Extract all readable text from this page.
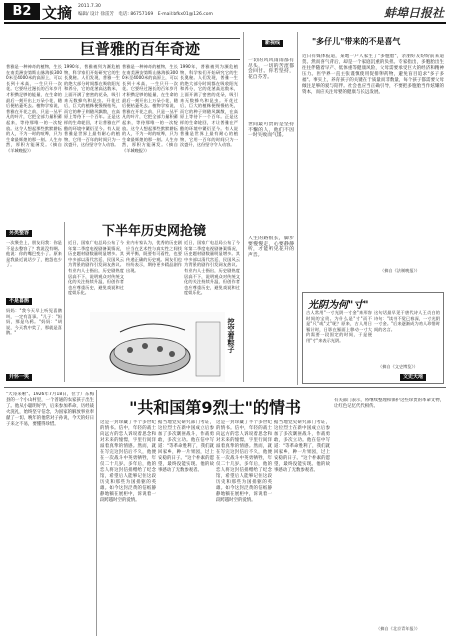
B2 文摘 2011.7.30
编辑/ 设计 徐雷芳　电话: 86757169　E-mail:bfkx01@126.com	蚌埠日报社
巨普雅的百年奇迹
普雅是一种神奇的植物，生长在南美洲安第斯山脉海拔3000米至4000米的高原上，可以长到十米高，一生只开一次花。它要经过漫长的百年岁月才积攒足够的能量，在生命的最后一刻开出上万朵小花，随后便枯萎死去。植物学家说，普雅在开花之前，只是一丛平凡的叶片，它把全部力量积蓄起来，等待那唯一的一次绽放。这令人想起那些默默耕耘的人，不为一时的喧哗，只为生命最辉煌的那一刻。人生亦然，厚积方能薄发。（摘自《羊城晚报》）
1990年，普雅被列为濒危植物，科学家们开始研究它的生长奥秘。人们发现，普雅一生的绝大部分时间都在吸收阳光和养分，它的花茎高达数米，上面开满了密密的花朵，吸引来无数蜂鸟和昆虫。开花过后，巨大的植株便慢慢枯死，而它的种子则随风飘散，在高原上等待下一个百年。正是这样的生命轮回，才让普雅在严酷的环境中繁衍至今。有人说普雅是世界上最有耐心的植物，它用一百年的时间只为一次盛开，这份坚守令人动容。
普雅是一种神奇的植物，生长在南美洲安第斯山脉海拔3000米至4000米的高原上，可以长到十米高，一生只开一次花。它要经过漫长的百年岁月才积攒足够的能量，在生命的最后一刻开出上万朵小花，随后便枯萎死去。植物学家说，普雅在开花之前，只是一丛平凡的叶片，它把全部力量积蓄起来，等待那唯一的一次绽放。这令人想起那些默默耕耘的人，不为一时的喧哗，只为生命最辉煌的那一刻。人生亦然，厚积方能薄发。（摘自《羊城晚报》）
1990年，普雅被列为濒危植物，科学家们开始研究它的生长奥秘。人们发现，普雅一生的绝大部分时间都在吸收阳光和养分，它的花茎高达数米，上面开满了密密的花朵，吸引来无数蜂鸟和昆虫。开花过后，巨大的植株便慢慢枯死，而它的种子则随风飘散，在高原上等待下一个百年。正是这样的生命轮回，才让普雅在严酷的环境中繁衍至今。有人说普雅是世界上最有耐心的植物，它用一百年的时间只为一次盛开，这份坚守令人动容。
新视线
一切的风风雨雨都有尽头，一切的苦涩都会回甘。你若坚持，花自芬芳。
世间最可贵的是坚持不懈的人，他们不因一时失败而气馁。
人生的路很长，脚步要慢慢走，心要静静听，才能听见花开的声音。
"多仔儿"带来的不是喜气
近日有媒体报道，某地一户人家生了"多胞胎"，亲朋好友纷纷前来道贺。然而喜气背后，却是一个家庭沉重的负担。专家指出，多胞胎出生往往伴随着早产、低体重等健康风险，父母需要承受巨大的经济和精神压力。医学界一直主张谨慎使用促排卵药物，避免盲目追求"多子多福"。事实上，养育孩子的关键在于质量而非数量，每个孩子都需要父母倾注足够的爱与陪伴。社会也应当正确引导，不要把多胞胎当作炫耀的资本，而应关注母婴的健康与长远发展。
（摘自《法制晚报》）
另类整容
一次聚会上，朋友问我：你是不是去整容了？我说没有啊。他说：你的嘴巴变小了。原来是我最近说话少了，抱怨也少了。
不是喜鹊
妈妈："我今天早上听见喜鹊叫，一定有喜事。"儿子："妈妈，那是乌鸦。"妈妈："胡说，今天我中奖了，那就是喜鹊。"
下半年历史网抢镜
近日，国家广电总局公布了今年第二季度电视剧备案情况，历史题材剧数量明显增多。其中多部以清代宫廷、民国风云为背景的剧作引发网友热议。有业内人士指出，历史剧热度居高不下，说明观众对传统文化的关注持续升温，但创作者也应尊重历史，避免戏说和过度娱乐化。
业内专家认为，优秀的历史剧应当在艺术性与真实性之间找到平衡，既要有可看性，也要传递正确的历史观。网友们也纷纷表示，期待更多精品剧作出现。
近日，国家广电总局公布了今年第二季度电视剧备案情况，历史题材剧数量明显增多。其中多部以清代宫廷、民国风云为背景的剧作引发网友热议。有业内人士指出，历史剧热度居高不下，说明观众对传统文化的关注持续升温，但创作者也应尊重历史，避免戏说和过度娱乐化。
挖空着粽子
光阴为何"寸"
古人常用"一寸光阴一寸金"来形容时间的宝贵。为什么是"寸"而不是"尺"或"丈"呢？原来，古人用日晷计时，日影在晷面上移动一寸大约需要一段固定的时间，于是便用"寸"来表示光阴。
这句话最早见于唐代诗人王贞白的诗句："读书不觉已春深，一寸光阴一寸金。"后来逐渐成为劝人珍惜时间的名言。
（摘自《文史博览》）
文史天地
开怀一笑
"大哥来啦"。1926年7月18日，位于广东梅县的一个小山村里，一个普通的农家孩子出生了。他从小聪明好学，后来参加革命，历经战火洗礼，始终坚守信念，为国家的解放事业奉献了一切。晚年的他常对子孙说，今天的好日子来之不易，要懂得珍惜。
"共和国第9烈士"的情书
这是一封珍藏了半个多世纪的情书。信中，年轻的战士向远方的恋人诉说着思念和对未来的憧憬，字里行间洋溢着真挚的情感。然而，就在写完这封信后不久，他便在一次战斗中英勇牺牲，年仅二十几岁。多年后，他的恋人将这封信捐赠给了纪念馆，希望后人能够记住这段历史和那些为国捐躯的英雄。如今这封泛黄的信纸静静地躺在展柜中，诉说着一段跨越时空的爱情。
据当地党史研究部门考证，这位烈士在新中国成立后参加了多次剿匪战斗，作战勇敢，多次立功。他在信中写道："等革命胜利了，我们就回家乡，种一片果园，过上安稳的日子。"这个朴素的愿望，最终没能实现。他的故事感动了无数参观者。
这是一封珍藏了半个多世纪的情书。信中，年轻的战士向远方的恋人诉说着思念和对未来的憧憬，字里行间洋溢着真挚的情感。然而，就在写完这封信后不久，他便在一次战斗中英勇牺牲，年仅二十几岁。多年后，他的恋人将这封信捐赠给了纪念馆，希望后人能够记住这段历史和那些为国捐躯的英雄。如今这封泛黄的信纸静静地躺在展柜中，诉说着一段跨越时空的爱情。
据当地党史研究部门考证，这位烈士在新中国成立后参加了多次剿匪战斗，作战勇敢，多次立功。他在信中写道："等革命胜利了，我们就回家乡，种一片果园，过上安稳的日子。"这个朴素的愿望，最终没能实现。他的故事感动了无数参观者。
有关部门表示，将继续整理和保护这些珍贵的革命文物，让红色记忆代代相传。
（摘自《北京青年报》）
